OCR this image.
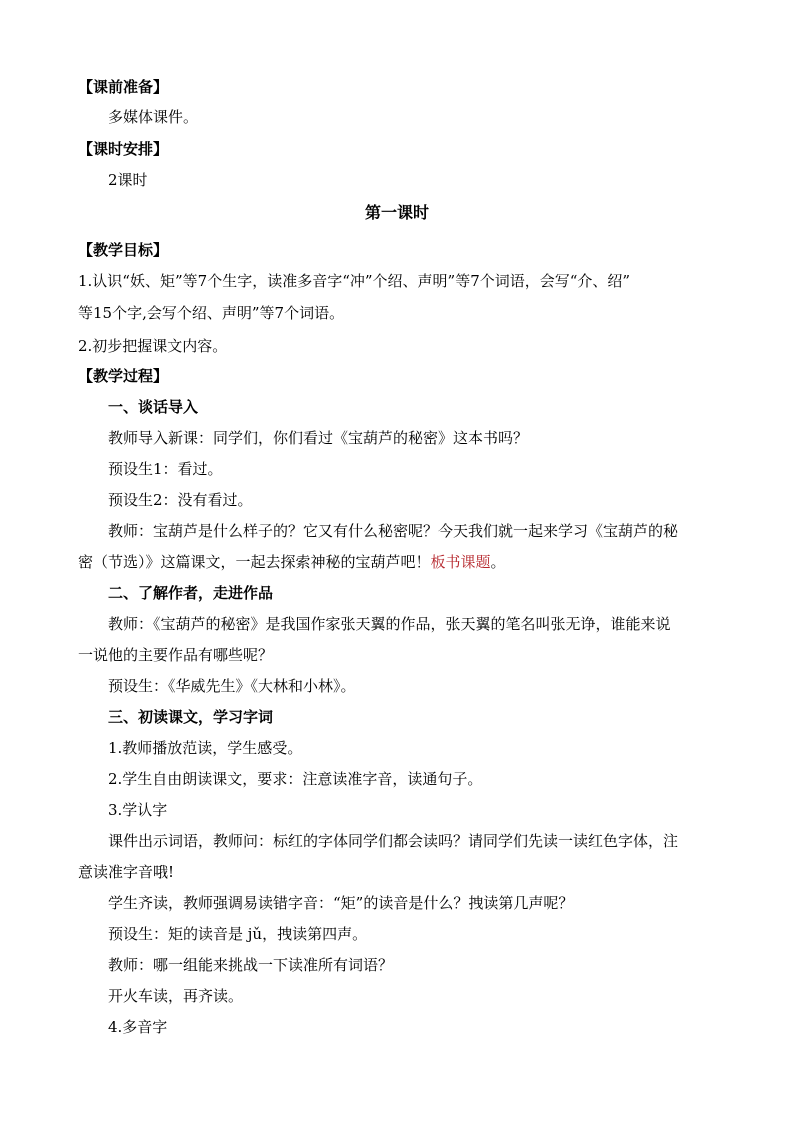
【课前准备】
多媒体课件。
【课时安排】
2课时
第一课时
【教学目标】
1.认识“妖、矩”等7个生字，读准多音字“冲”个绍、声明”等7个词语，会写“介、绍”
等15个字,会写个绍、声明”等7个词语。
2.初步把握课文内容。
【教学过程】
一、谈话导入
教师导入新课：同学们，你们看过《宝葫芦的秘密》这本书吗？
预设生1：看过。
预设生2：没有看过。
教师：宝葫芦是什么样子的？它又有什么秘密呢？今天我们就一起来学习《宝葫芦的秘
密（节选）》这篇课文，一起去探索神秘的宝葫芦吧！板书课题。
二、了解作者，走进作品
教师：《宝葫芦的秘密》是我国作家张天翼的作品，张天翼的笔名叫张无诤，谁能来说
一说他的主要作品有哪些呢？
预设生：《华威先生》《大林和小林》。
三、初读课文，学习字词
1.教师播放范读，学生感受。
2.学生自由朗读课文，要求：注意读准字音，读通句子。
3.学认字
课件出示词语，教师问：标红的字体同学们都会读吗？请同学们先读一读红色字体，注
意读准字音哦!
学生齐读，教师强调易读错字音：“矩”的读音是什么？拽读第几声呢？
预设生：矩的读音是 jǔ，拽读第四声。
教师：哪一组能来挑战一下读准所有词语？
开火车读，再齐读。
4.多音字
